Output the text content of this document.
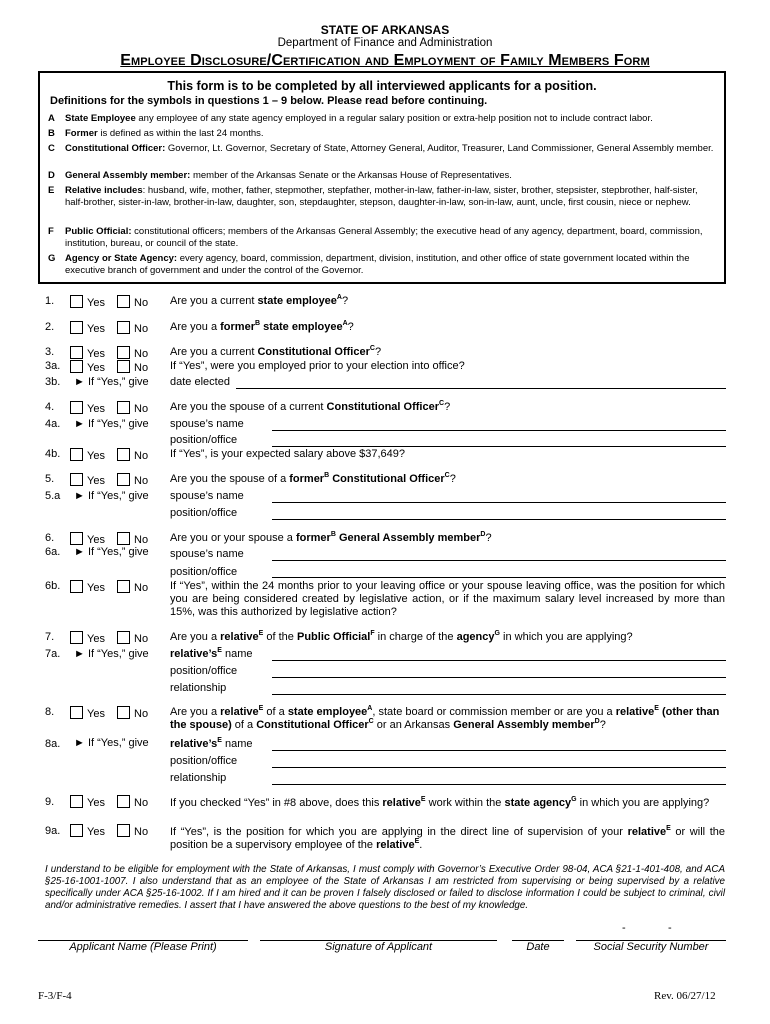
STATE OF ARKANSAS
Department of Finance and Administration
Employee Disclosure/Certification and Employment of Family Members Form
This form is to be completed by all interviewed applicants for a position.
Definitions for the symbols in questions 1 – 9 below. Please read before continuing.
A State Employee any employee of any state agency employed in a regular salary position or extra-help position not to include contract labor.
B Former is defined as within the last 24 months.
C Constitutional Officer: Governor, Lt. Governor, Secretary of State, Attorney General, Auditor, Treasurer, Land Commissioner, General Assembly member.
D General Assembly member: member of the Arkansas Senate or the Arkansas House of Representatives.
E Relative includes: husband, wife, mother, father, stepmother, stepfather, mother-in-law, father-in-law, sister, brother, stepsister, stepbrother, half-sister, half-brother, sister-in-law, brother-in-law, daughter, son, stepdaughter, stepson, daughter-in-law, son-in-law, aunt, uncle, first cousin, niece or nephew.
F Public Official: constitutional officers; members of the Arkansas General Assembly; the executive head of any agency, department, board, commission, institution, bureau, or council of the state.
G Agency or State Agency: every agency, board, commission, department, division, institution, and other office of state government located within the executive branch of government and under the control of the Governor.
1.	Yes	No Are you a current state employee$^A$?
2.	Yes	No Are you a former$^B$ state employee$^A$?
3.	Yes	No Are you a current Constitutional Officer$^C$?
3a.	Yes	No If “Yes”, were you employed prior to your election into office?
3b.	► If “Yes,” give date elected
4.	Yes	No Are you the spouse of a current Constitutional Officer$^C$?
4a.	► If “Yes,” give spouse’s name
position/office
4b.	Yes	No If “Yes”, is your expected salary above $37,649?
5.	Yes	No Are you the spouse of a former$^B$ Constitutional Officer$^C$?
5.a	► If “Yes,” give spouse’s name
position/office
6.	Yes	No Are you or your spouse a former$^B$ General Assembly member$^D$?
6a.	► If “Yes,” give spouse’s name
position/office
6b.	Yes	No If “Yes”, within the 24 months prior to your leaving office or your spouse leaving office, was the position for which you are being considered created by legislative action, or if the maximum salary level increased by more than 15%, was this authorized by legislative action?
7.	Yes	No Are you a relative$^E$ of the Public Official$^F$ in charge of the agency$^G$ in which you are applying?
7a.	► If “Yes,” give $relative’s^E$ name
position/office
relationship
8.	Yes	No Are you a relative$^E$ of a state employee$^A$, state board or commission member or are you a relative$^E$ (other than the spouse) of a Constitutional Officer$^C$ or an Arkansas General Assembly member$^D$?
8a.	► If “Yes,” give $relative’s^E$ name
position/office
relationship
9.	Yes	No If you checked “Yes” in #8 above, does this relative$^E$ work within the state agency$^G$ in which you are applying?
9a.	Yes	No If “Yes”, is the position for which you are applying in the direct line of supervision of your relative$^E$ or will the position be a supervisory employee of the relative$^E$.
I understand to be eligible for employment with the State of Arkansas, I must comply with Governor’s Executive Order 98-04, ACA §21-1-401-408, and ACA §25-16-1001-1007. I also understand that as an employee of the State of Arkansas I am restricted from supervising or being supervised by a relative specifically under ACA §25-16-1002. If I am hired and it can be proven I falsely disclosed or failed to disclose information I could be subject to criminal, civil and/or administrative remedies. I assert that I have answered the above questions to the best of my knowledge.
-	-
Applicant Name (Please Print)	Signature of Applicant	Date	Social Security Number
F-3/F-4	Rev. 06/27/12
